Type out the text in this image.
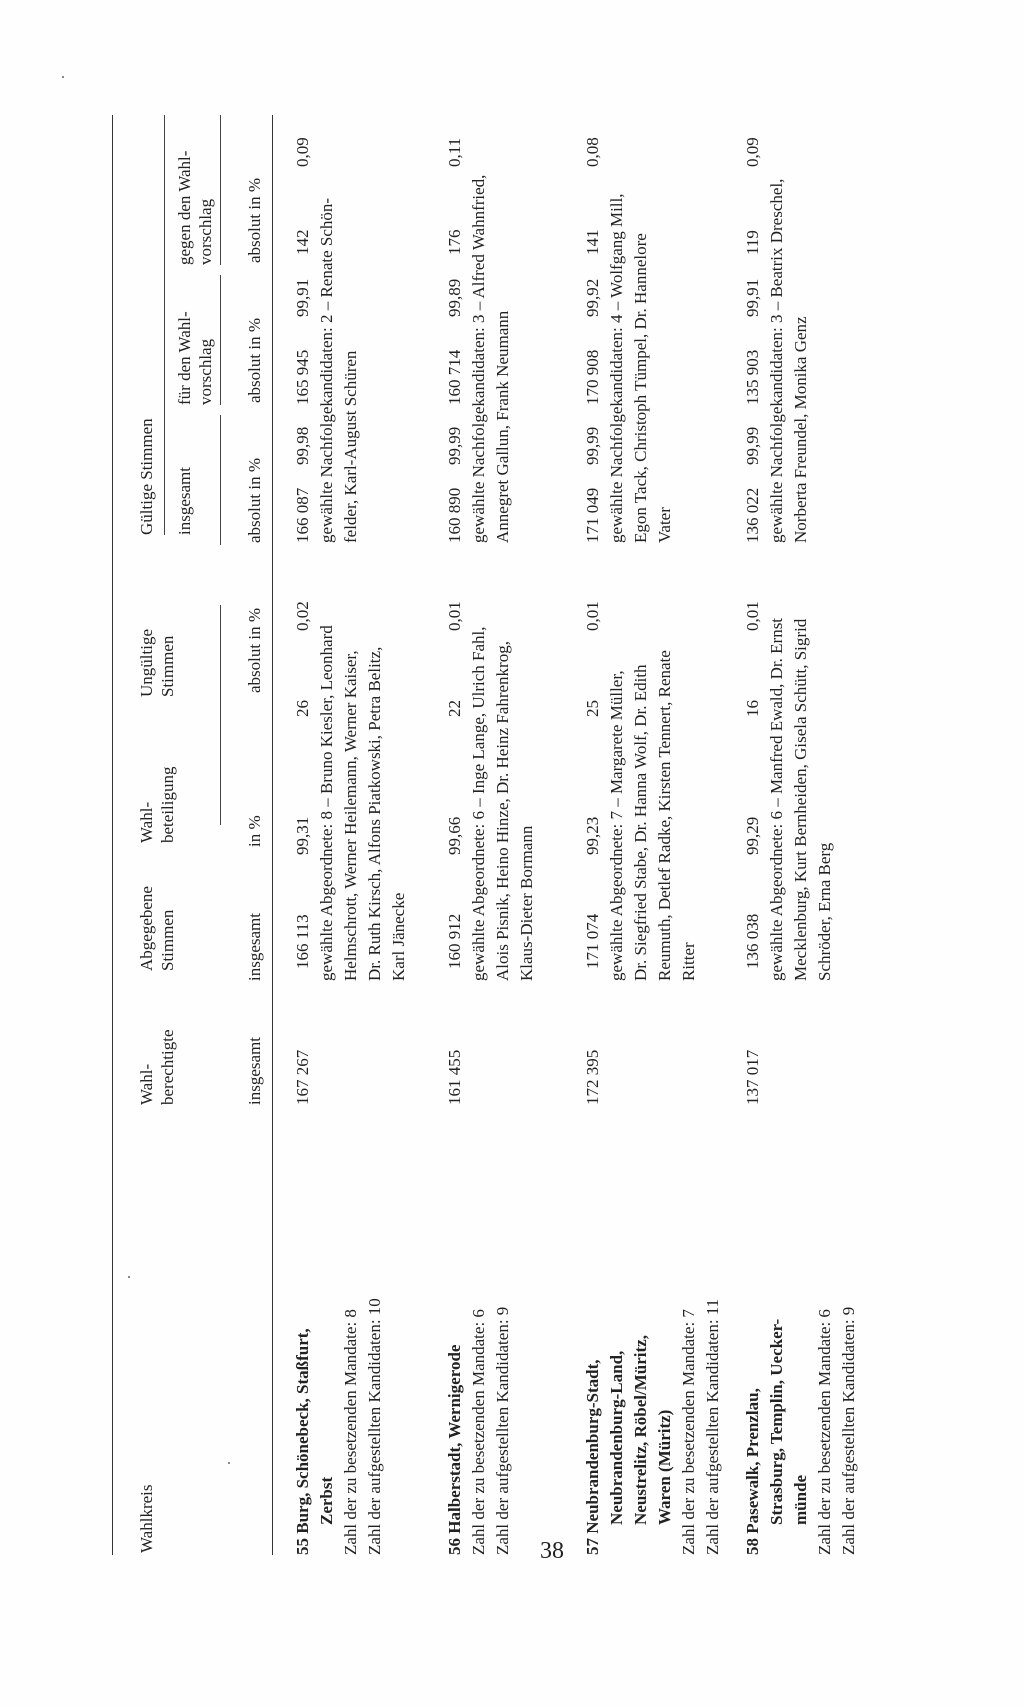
Wahlkreis
Wahl- berechtigte
Abgegebene Stimmen
Wahl- beteiligung
Ungültige Stimmen
Gültige Stimmen insgesamt
für den Wahl- vorschlag
gegen den Wahl- vorschlag
insgesamt
insgesamt
in %
absolut in %
absolut in %
absolut in %
absolut in %
55 Burg, Schönebeck, Staßfurt, Zerbst Zahl der zu besetzenden Mandate: 8 Zahl der aufgestellten Kandidaten: 10
167 267
166 113
99,31
26
0,02
166 087
99,98
165 945
99,91
142
0,09
gewählte Abgeordnete: 8 – Bruno Kiesler, Leonhard Helmschrott, Werner Heilemann, Werner Kaiser, Dr. Ruth Kirsch, Alfons Piatkowski, Petra Belitz, Karl Jänecke
gewählte Nachfolgekandidaten: 2 – Renate Schön- felder, Karl-August Schüren
56 Halberstadt, Wernigerode Zahl der zu besetzenden Mandate: 6 Zahl der aufgestellten Kandidaten: 9
161 455
160 912
99,66
22
0,01
160 890
99,99
160 714
99,89
176
0,11
gewählte Abgeordnete: 6 – Inge Lange, Ulrich Fahl, Alois Pisnik, Heino Hinze, Dr. Heinz Fahrenkrog, Klaus-Dieter Bormann
gewählte Nachfolgekandidaten: 3 – Alfred Wahnfried, Annegret Gallun, Frank Neumann
57 Neubrandenburg-Stadt, Neubrandenburg-Land, Neustrelitz, Röbel/Müritz, Waren (Müritz) Zahl der zu besetzenden Mandate: 7 Zahl der aufgestellten Kandidaten: 11
172 395
171 074
99,23
25
0,01
171 049
99,99
170 908
99,92
141
0,08
gewählte Abgeordnete: 7 – Margarete Müller, Dr. Siegfried Stabe, Dr. Hanna Wolf, Dr. Edith Reumuth, Detlef Radke, Kirsten Tennert, Renate Ritter
gewählte Nachfolgekandidaten: 4 – Wolfgang Mill, Egon Tack, Christoph Tümpel, Dr. Hannelore Vater
58 Pasewalk, Prenzlau, Strasburg, Templin, Uecker- münde Zahl der zu besetzenden Mandate: 6 Zahl der aufgestellten Kandidaten: 9
137 017
136 038
99,29
16
0,01
136 022
99,99
135 903
99,91
119
0,09
gewählte Abgeordnete: 6 – Manfred Ewald, Dr. Ernst Mecklenburg, Kurt Bernheiden, Gisela Schütt, Sigrid Schröder, Erna Berg
gewählte Nachfolgekandidaten: 3 – Beatrix Dreschel, Norberta Freundel, Monika Genz
38
